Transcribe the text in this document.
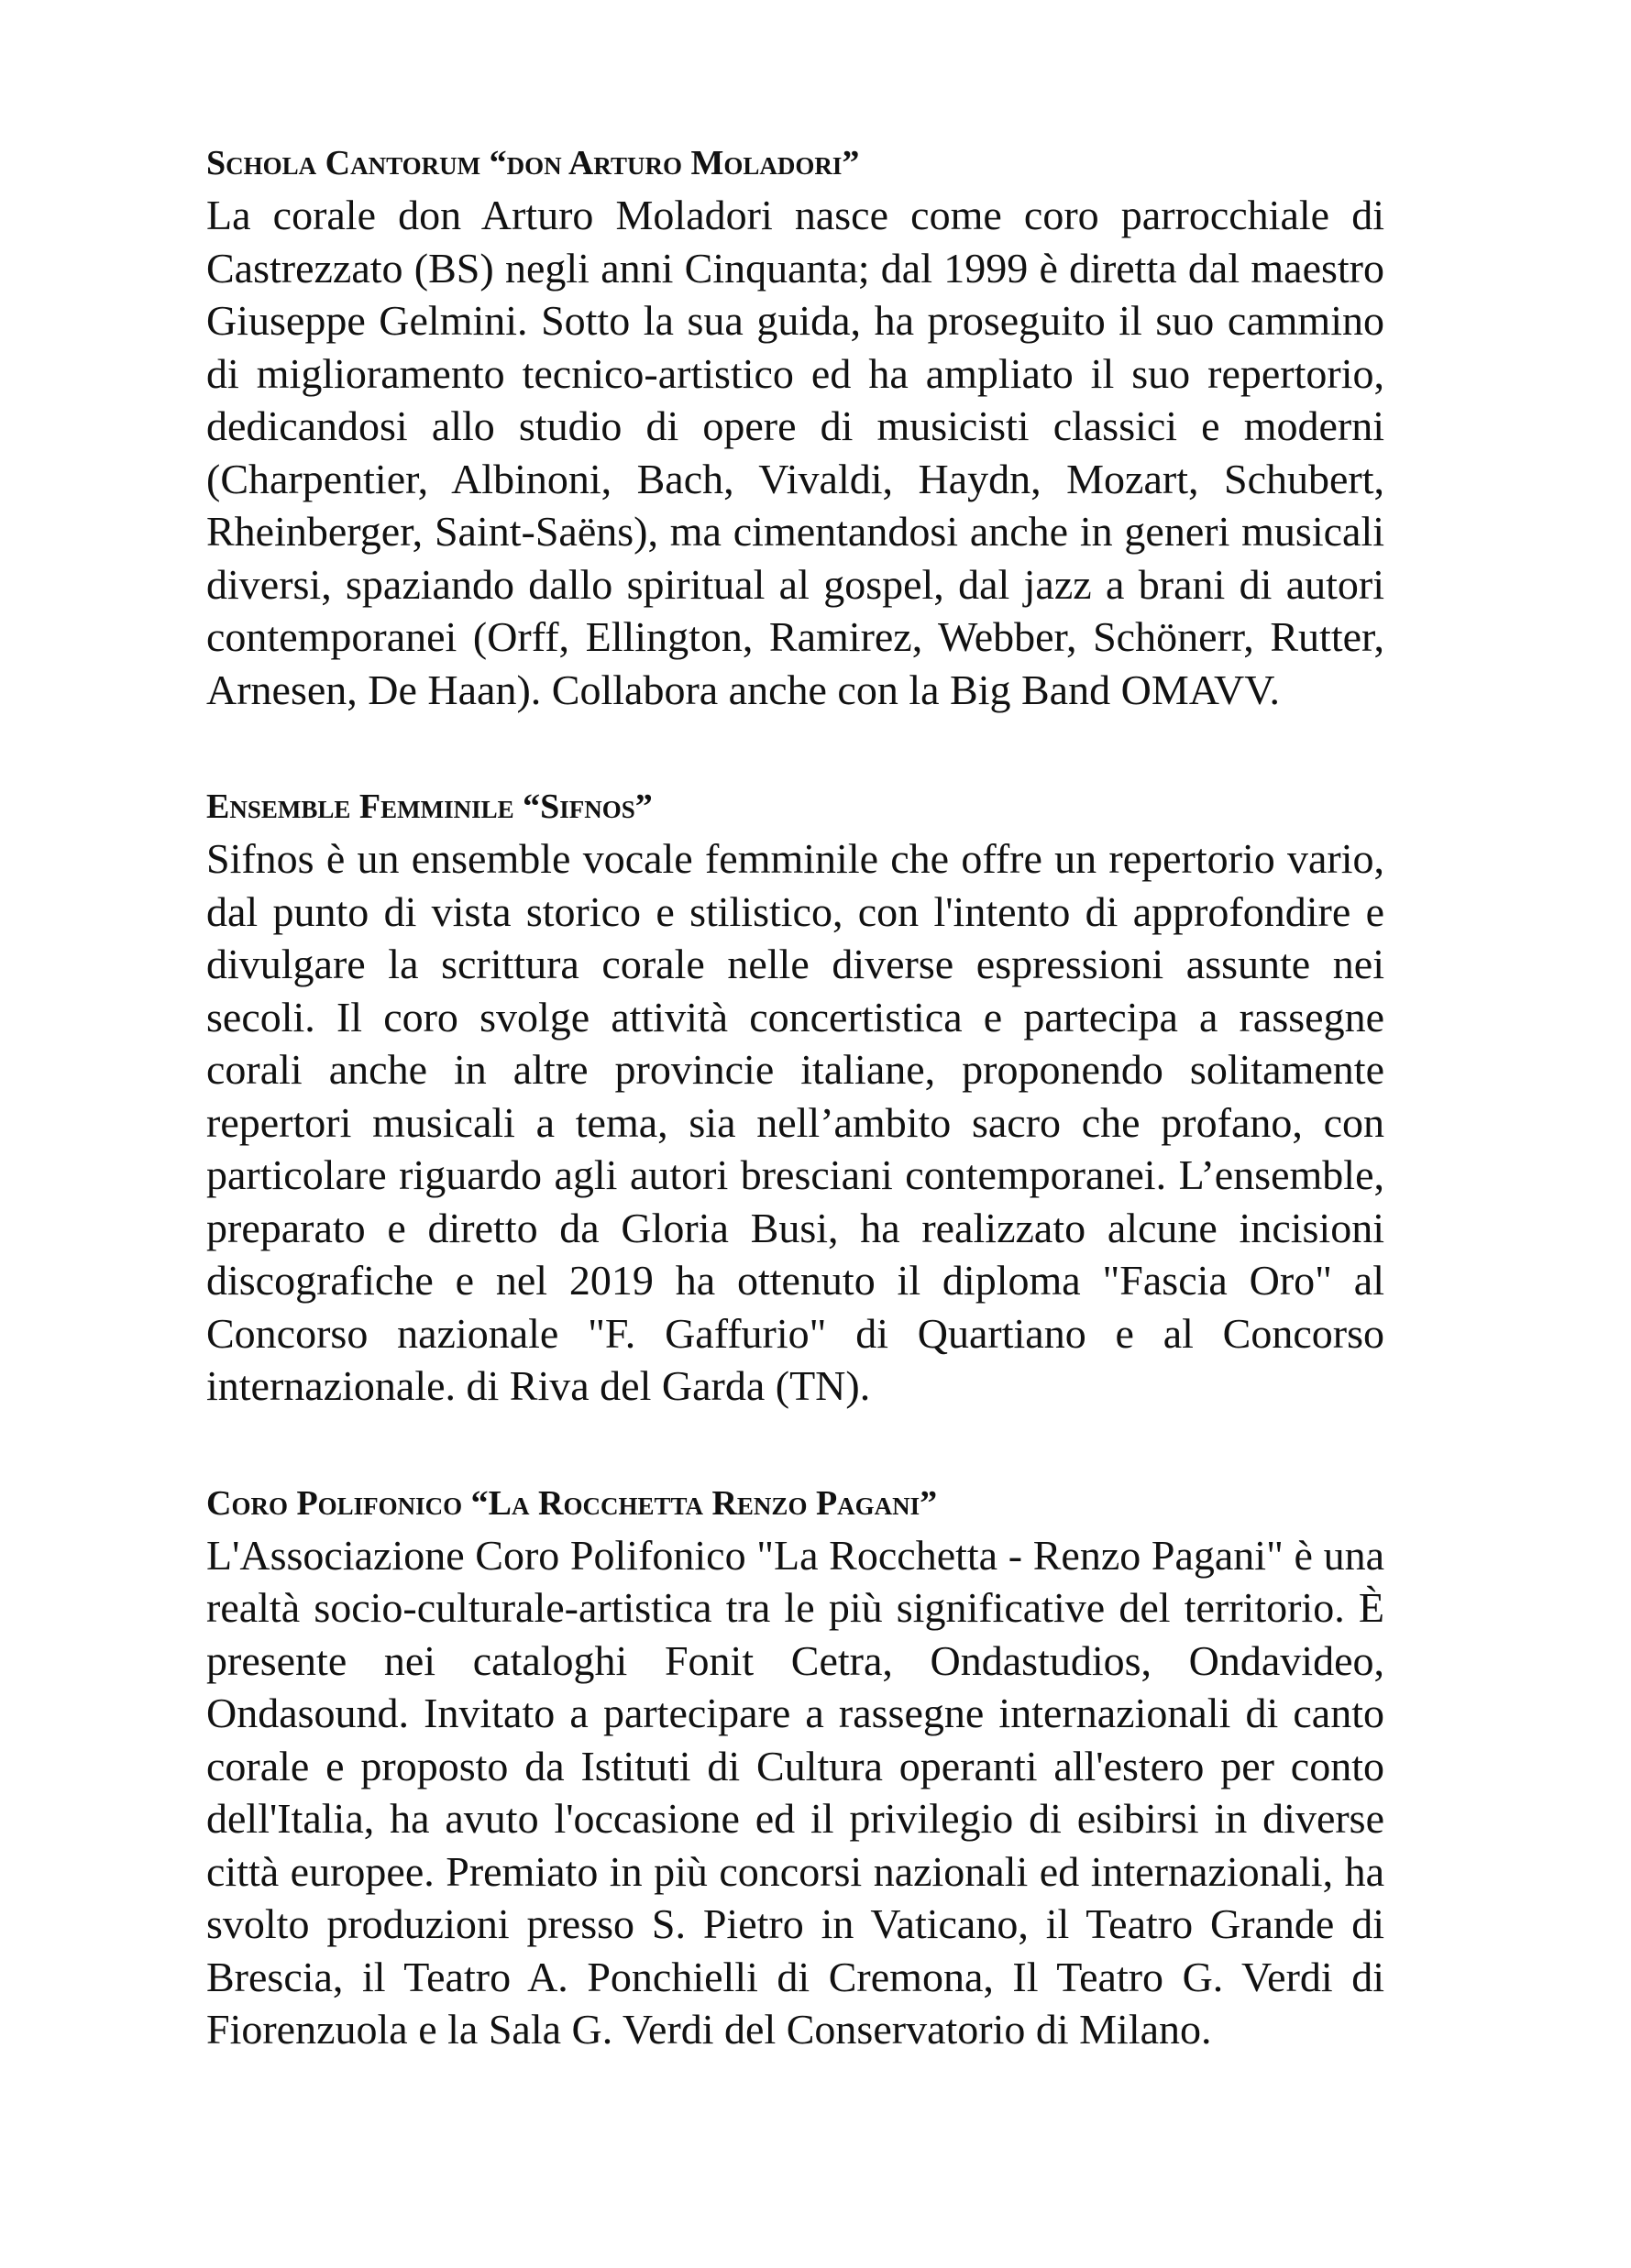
Schola Cantorum “don Arturo Moladori”

La corale don Arturo Moladori nasce come coro parrocchiale di Castrezzato (BS) negli anni Cinquanta; dal 1999 è diretta dal maestro Giuseppe Gelmini. Sotto la sua guida, ha proseguito il suo cammino di miglioramento tecnico-artistico ed ha ampliato il suo repertorio, dedicandosi allo studio di opere di musicisti classici e moderni (Charpentier, Albinoni, Bach, Vivaldi, Haydn, Mozart, Schubert, Rheinberger, Saint-Saëns), ma cimentandosi anche in generi musicali diversi, spaziando dallo spiritual al gospel, dal jazz a brani di autori contemporanei (Orff, Ellington, Ramirez, Webber, Schönerr, Rutter, Arnesen, De Haan). Collabora anche con la Big Band OMAVV.

Ensemble Femminile “Sifnos”

Sifnos è un ensemble vocale femminile che offre un repertorio vario, dal punto di vista storico e stilistico, con l'intento di approfondire e divulgare la scrittura corale nelle diverse espressioni assunte nei secoli. Il coro svolge attività concertistica e partecipa a rassegne corali anche in altre provincie italiane, proponendo solitamente repertori musicali a tema, sia nell’ambito sacro che profano, con particolare riguardo agli autori bresciani contemporanei. L’ensemble, preparato e diretto da Gloria Busi, ha realizzato alcune incisioni discografiche e nel 2019 ha ottenuto il diploma "Fascia Oro" al Concorso nazionale "F. Gaffurio" di Quartiano e al Concorso internazionale. di Riva del Garda (TN).

Coro Polifonico “La Rocchetta Renzo Pagani”

L'Associazione Coro Polifonico "La Rocchetta - Renzo Pagani" è una realtà socio-culturale-artistica tra le più significative del territorio. È presente nei cataloghi Fonit Cetra, Ondastudios, Ondavideo, Ondasound. Invitato a partecipare a rassegne internazionali di canto corale e proposto da Istituti di Cultura operanti all'estero per conto dell'Italia, ha avuto l'occasione ed il privilegio di esibirsi in diverse città europee. Premiato in più concorsi nazionali ed internazionali, ha svolto produzioni presso S. Pietro in Vaticano, il Teatro Grande di Brescia, il Teatro A. Ponchielli di Cremona, Il Teatro G. Verdi di Fiorenzuola e la Sala G. Verdi del Conservatorio di Milano.
